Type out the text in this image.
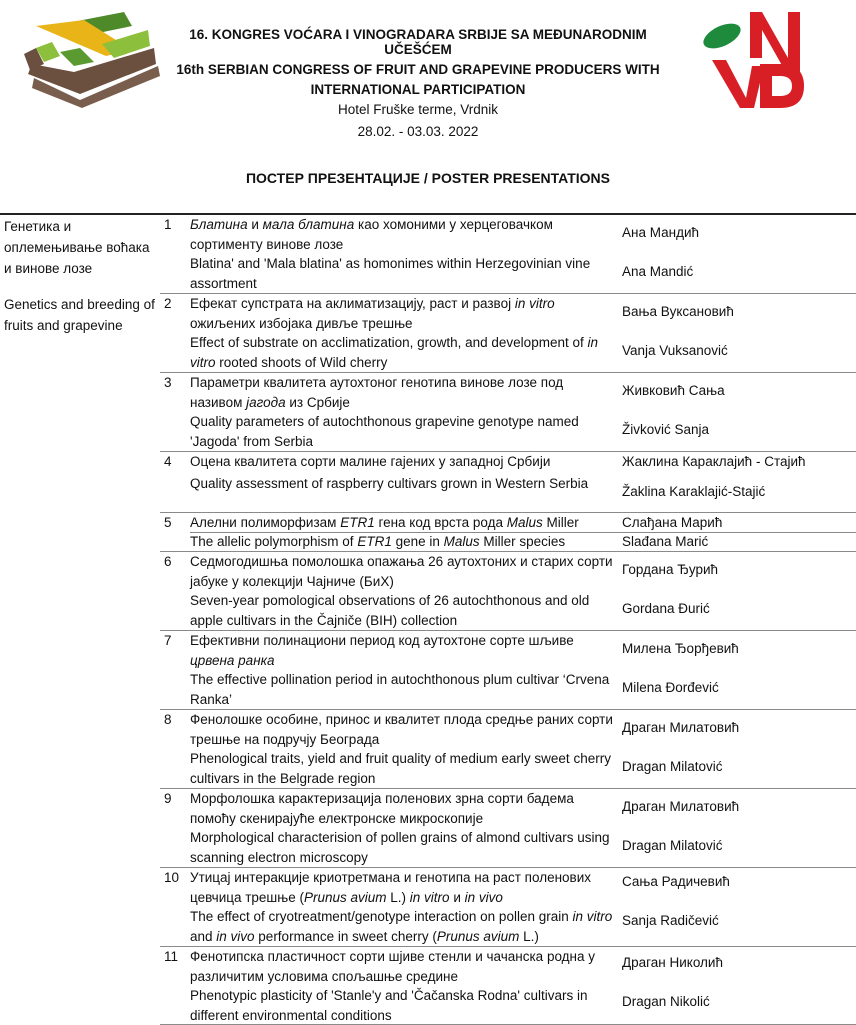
16. KONGRES VOĆARA I VINOGRADARA SRBIJE SA MEĐUNARODNIM UČEŠĆEM
16th SERBIAN CONGRESS OF FRUIT AND GRAPEVINE PRODUCERS WITH INTERNATIONAL PARTICIPATION
Hotel Fruške terme, Vrdnik
28.02. - 03.03. 2022
ПОСТЕР ПРЕЗЕНТАЦИЈЕ / POSTER PRESENTATIONS
Генетика и оплемењивање воћака и винове лозе
Genetics and breeding of fruits and grapevine
1 Блатина и мала блатина као хомоними у херцеговачком сортименту винове лозе
Blatina' and 'Mala blatina' as homonimes within Herzegovinian vine assortment
Ана Мандић
Ana Mandić
2 Ефекат супстрата на аклиматизацију, раст и развој in vitro ожиљених избојака дивље трешње
Effect of substrate on acclimatization, growth, and development of in vitro rooted shoots of Wild cherry
Вања Вуксановић
Vanja Vuksanović
3 Параметри квалитета аутохтоног генотипа винове лозе под називом јагода из Србије
Quality parameters of autochthonous grapevine genotype named 'Jagoda' from Serbia
Живковић Сања
Živković Sanja
4 Оцена квалитета сорти малине гајених у западној Србији
Quality assessment of raspberry cultivars grown in Western Serbia
Жаклина Караклајић - Стајић
Žaklina Karaklajić-Stajić
5 Алелни полиморфизам ETR1 гена код врста рода Malus Miller
The allelic polymorphism of ETR1 gene in Malus Miller species
Слађана Марић
Slađana Marić
6 Седмогодишња помолошка опажања 26 аутохтоних и старих сорти јабуке у колекцији Чајниче (БиХ)
Seven-year pomological observations of 26 autochthonous and old apple cultivars in the Čajniče (BIH) collection
Гордана Ђурић
Gordana Đurić
7 Ефективни полинациони период код аутохтоне сорте шљиве црвена ранка
The effective pollination period in autochthonous plum cultivar ‘Crvena Ranka’
Милена Ђорђевић
Milena Đorđević
8 Фенолошке особине, принос и квалитет плода средње раних сорти трешње на подручју Београда
Phenological traits, yield and fruit quality of medium early sweet cherry cultivars in the Belgrade region
Драган Милатовић
Dragan Milatović
9 Морфолошка карактеризација поленових зрна сорти бадема помоћу скенирајуће електронске микроскопије
Morphological characterision of pollen grains of almond cultivars using scanning electron microscopy
Драган Милатовић
Dragan Milatović
10 Утицај интеракције криотретмана и генотипа на раст поленових цевчица трешње (Prunus avium L.) in vitro и in vivo
The effect of cryotreatment/genotype interaction on pollen grain in vitro and in vivo performance in sweet cherry (Prunus avium L.)
Сања Радичевић
Sanja Radičević
11 Фенотипска пластичност сорти шјиве стенли и чачанска родна у различитим условима спољашње средине
Phenotypic plasticity of 'Stanle'y and 'Čačanska Rodna' cultivars in different environmental conditions
Драган Николић
Dragan Nikolić
